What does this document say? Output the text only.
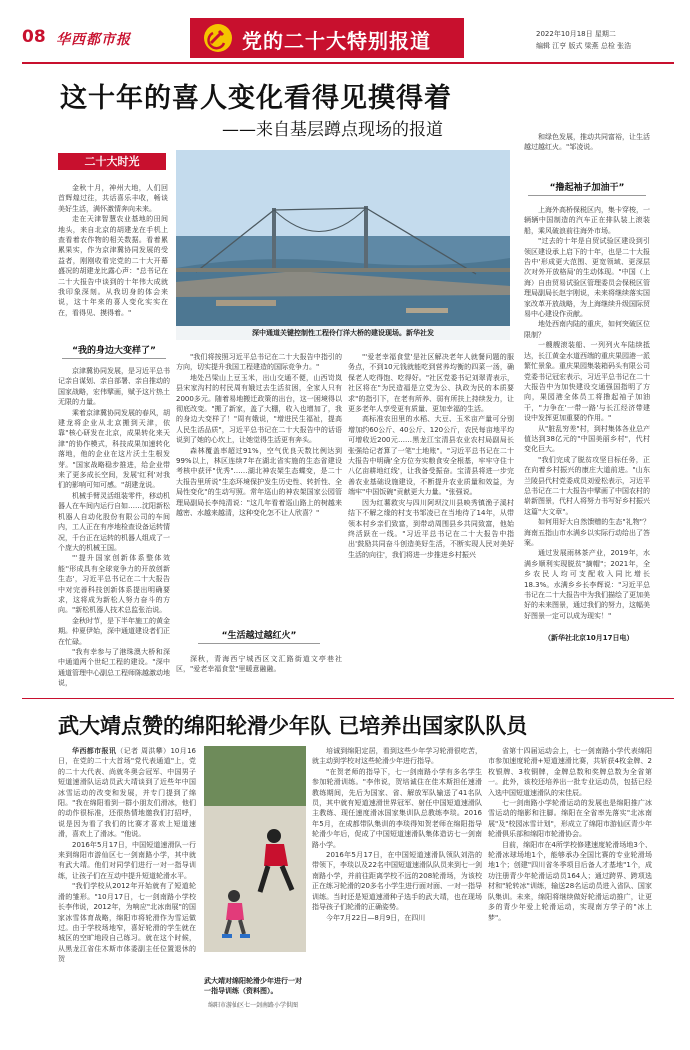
08 华西都市报	党的二十大特别报道	2022年10月18日 星期二
编辑 江亨 版式 梁燕 总检 张浩
这十年的喜人变化看得见摸得着
——来自基层蹲点现场的报道
二十大时光

金秋十月，神州大地，人们回首辉煌过往，共话喜乐丰收，畅谈美好生活，满怀激情奔向未来。

走在天津智慧农业基地的田间地头，来自北京的胡建龙在手机上查看着农作物的相关数据。看着累累果实，作为京津冀协同发展的受益者，刚刚收看完党的二十大开幕盛况的胡建龙比露心声："总书记在二十大报告中谈到的十年伟大成就我印象深刻。从我切身的体会来说，这十年来的喜人变化实实在在，看得见、摸得着。"

深中通道关键控制性工程伶仃洋大桥的建设现场。新华社发

和绿色发展，推动共同富裕，让生活越过越红火。"邹凌说。

“撸起袖子加油干”

上海外高桥保税区内，集卡穿梭，一辆辆中国制造的汽车正在排队装上滚装船，乘风破浪前往海外市场。

"过去的十年是自贸试验区建设到引领区建设承上启下的十年，也是二十大报告中'形成更大范围、更宽领域、更深层次对外开放格局'的生动体现。"中国（上海）自由贸易试验区管理委员会保税区管理局副局长赵宇刚说，未来将继续落实国家改革开放战略，为上海继续升级国际贸易中心建设作贡献。

地处西南内陆的重庆，如何突破区位限制？

一艘艘滚装船、一列列火车陆续抵达，长江黄金水道西端的重庆果园港一派繁忙景象。重庆果园集装箱码头有限公司党委书记冠宏表示，习近平总书记在二十大报告中为加快建设交通强国指明了方向，果园港全体员工将撸起袖子加油干，"力争在'一带一路'与长江经济带建设中发挥更加重要的作用。"

从"脏乱穷差"村，到村集体各业总产值达到38亿元的"中国美丽乡村"，代村变化巨大。

"我们完成了脱贫攻坚目标任务，正在向着乡村振兴的康庄大道前进。"山东兰陵县代村党委成员刘爱松表示，习近平总书记在二十大报告中擘画了中国农村的崭新图景，代村人将努力书写好乡村振兴这篇"大文章"。

如何用好大自然馈赠的生态"礼物"？海南五指山市水满乡以实际行动给出了答案。

通过发展雨林茶产业，2019年，水满乡顺利实现脱贫"摘帽"；2021年，全乡农民人均可支配收入同比增长18.3%。水满乡乡长李辉说："习近平总书记在二十大报告中为我们描绘了更加美好的未来图景，通过我们的努力，这幅美好图景一定可以成为现实！"

（新华社北京10月17日电）
“我的身边大变样了”

京津冀协同发展，是习近平总书记亲自谋划、亲自部署、亲自推动的国家战略，宏伟擘画，赋予这片热土无限的力量。

乘着京津冀协同发展的春风，胡建龙将企业从北京搬到天津，依靠"核心研发在北京，成果转化来天津"的协作模式，科技成果加速转化落地，他的企业在这片沃土生根发芽。"国家战略稳步推进，给企业带来了更多成长空间，发展'红利'对我们的影响可知可感。"胡建龙说。

机械手臂灵活组装零件，移动机器人在车间内运行自如……沈阳新松机器人自动化股份有限公司的车间内，工人正在有序地检查设备运转情况，千台正在运转的机器人组成了一个庞大的机械王国。

"'提升国家创新体系整体效能''形成具有全球竞争力的开放创新生态'，习近平总书记在二十大报告中对完善科技创新体系提出明确要求，这将成为新松人努力奋斗的方向。"新松机器人技术总监张治说。

金秋时节，是下半年施工的黄金期。仲夏伊始，深中通道建设者们正在忙碌。

"我有幸参与了港珠澳大桥和深中通道两个世纪工程的建设。"深中通道管理中心副总工程师陈越激动地说，

"我们将按照习近平总书记在二十大报告中指引的方向，切实提升我国工程建造的国际竞争力。"

地处吕梁山上豆玉米，出山交通不便，山西岢岚县宋家沟村的村民周有娥过去生活贫困，全家人只有2000多元。随着易地搬迁政策的出台，这一困境得以彻底改变。"搬了新家，盖了大棚，收入也增加了，我的身边大变样了！"周有娥说，"增进民生福祉，提高人民生活品质"，习近平总书记在二十大报告中的话语说到了她的心坎上，让她觉得生活更有奔头。

森林覆盖率超过91%，空气优良天数比例达到99%以上，林区连续7年在湖北省实施的生态省建设考核中获评"优秀"……湖北神农架生态蝶变，是二十大报告里所说"生态环境保护发生历史性、转折性、全局性变化"的生动写照。常年巡山的神农架国家公园管理局副局长李纯清说："这几年看着巡山路上的树越来越密、水越来越清，这种变化怎不让人欣喜？"

“生活越过越红火”

深秋，青海西宁城西区文汇路街道文亭巷社区，"爱老幸福食堂"里暖意融融。

"'爱老幸福食堂'是社区解决老年人就餐问题的服务点，不到10元钱就能吃到营养均衡的四菜一汤，确保老人吃得饱、吃得好。"社区党委书记刘翠青表示，社区将在"为民造福是立党为公、执政为民的本质要求"的指引下，在老有所养、弱有所扶上持续发力，让更多老年人享受更有质量、更加幸福的生活。

高标准农田里的水稻、大豆、玉米亩产量可分别增加约60公斤、40公斤、120公斤，农民每亩地平均可增收近200元……黑龙江宝清县农业农村局副局长张强给记者算了一笔"土地账"。"习近平总书记在二十大报告中明确'全方位夯实粮食安全根基，牢牢守住十八亿亩耕地红线'，让我备受振奋。宝清县将进一步完善农业基础设施建设，不断提升农业质量和效益，为端牢"中国饭碗"贡献更大力量。"张强说。

因为红薯救灾与四川阿坝汶川县映秀镇渔子溪村结下不解之缘的村支书邹凌已在当地待了14年，从带领本村乡亲们致富，到带动周围县乡共同致富，他始终活跃在一线。"习近平总书记在二十大报告中指出'鼓励共同奋斗创造美好生活，不断实现人民对美好生活的向往'，我们将进一步推进乡村振兴

武大靖点赞的绵阳轮滑少年队 已培养出国家队队员

华西都市报讯（记者 周洪攀）10月16日，在党的二十大首场"党代表通道"上，党的二十大代表、尚就冬奥会冠军、中国男子短道速滑队运动员武大靖谈到了近些年中国冰雪运动的改变和发展，并专门提到了绵阳。"我在绵阳看到一群小朋友们滑冰，他们的动作很标准，还很热情地邀我们打招呼，说是因为看了我们的比赛才喜欢上短道速滑，喜欢上了滑冰。"他说。

2016年5月17日，中国短道速滑队一行来到绵阳市游仙区七一剑南路小学，其中就有武大靖。他们对同学们进行一对一指导训练，让孩子们在互动中提升短道轮滑水平。

"我们学校从2012年开始就有了短道轮滑的雏形。"10月17日，七一剑南路小学校长李伟说，2012年，为响应"北冰南展"的国家冰雪体育战略，绵阳市将轮滑作为雪运做过。由于学校场地窄，喜好轮滑的学生就在城区的空旷地段自己练习。就在这个时候，从黑龙江省住木斯市体委副主任位置退休的贺

武大靖对绵阳轮滑少年进行一对一指导训练（资料图）。
绵阳市游仙区七一剑南路小学供图

培诚到绵阳定居，看到这些少年学习轮滑很吃苦，就主动到学校对这些轮滑少年进行指导。

"在贺老师的指导下，七一剑南路小学有多名学生参加轮滑训练。"李伟说，贺培诚住在佳木斯担任速滑教练期间，先后为国家、省、解放军队输送了41名队员，其中就有短道速滑世界冠军、射任中国短道速滑队主教练、现任速度滑冰国家集训队总教练李琰。2016年5月，在成都带队集训的李琰得知贺老师在绵阳指导轮滑少年后，促成了中国短道速滑队集体造访七一剑南路小学。

2016年5月17日，在中国短道速滑队领队刘浩的带领下，李琰以及22名中国短道速滑队队员来到七一剑南路小学，并前往距离学校不远的208轮滑场，为该校正在练习轮滑的20多名小学生进行面对面、一对一指导训练。当时还是短道速滑种子选手的武大靖，也在现场指导孩子们轮滑的正确姿势。

今年7月22日—8月9日，在四川

省第十四届运动会上，七一剑南路小学代表绵阳市参加速度轮滑+短道速滑比赛，共斩获4枚金牌、2枚银牌、3枚铜牌，金牌总数和奖牌总数为全省第一。此外，该校还培养出一批专业运动员，包括已经入选中国短道速滑队的宋佳辰。

七一剑南路小学轮滑运动的发展也是绵阳推广冰雪运动的缩影和注脚。绵阳在全省率先落实"北冰南展"及"校园冰雪计划"，形成立了绵阳市游仙区青少年轮滑俱乐部和绵阳市轮滑协会。

目前，绵阳市在4所学校修建速度轮滑场地3个、轮滑冰球场地1个，能够承办全国比赛的专业轮滑场地1个；创建"四川省冬季项目后备人才基地"1个，成功注册青少年轮滑运动员164人；通过跨界、跨项选材和"轮转冰"训练，输送28名运动员进入省队、国家队集训。未来，绵阳将继续做好轮滑运动推广，让更多的青少年爱上轮滑运动，实现南方学子的"冰上梦"。
